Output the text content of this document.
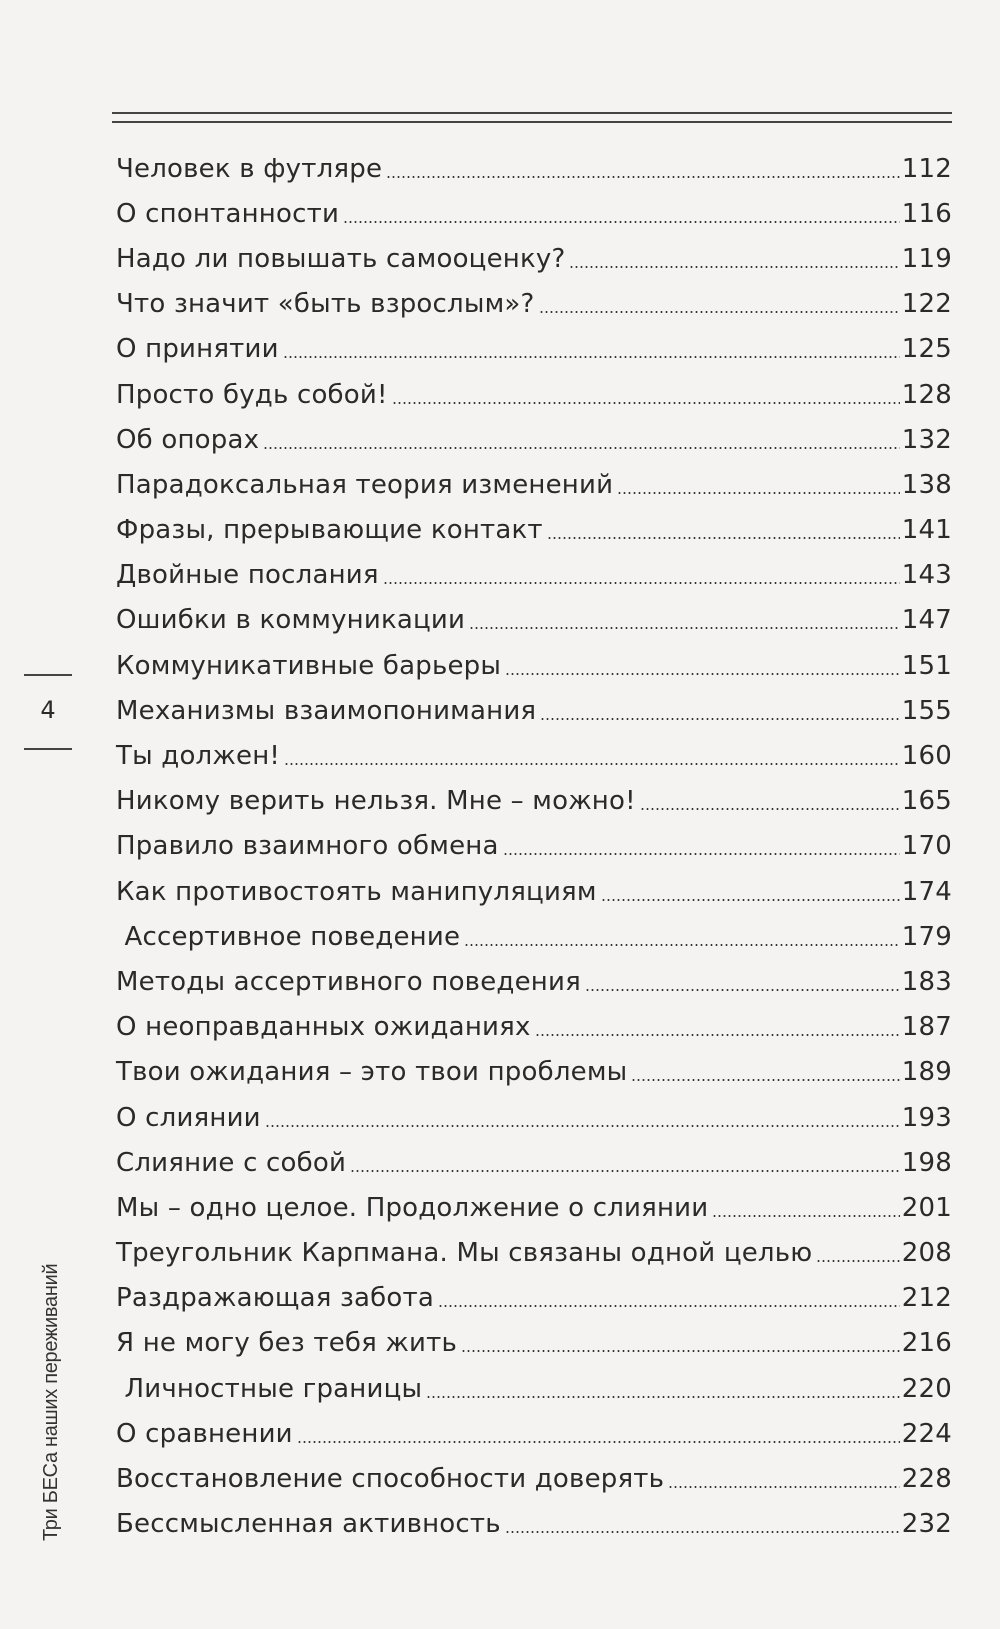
Человек в футляре	112
О спонтанности	116
Надо ли повышать самооценку?	119
Что значит «быть взрослым»?	122
О принятии	125
Просто будь собой!	128
Об опорах	132
Парадоксальная теория изменений	138
Фразы, прерывающие контакт	141
Двойные послания	143
Ошибки в коммуникации	147
Коммуникативные барьеры	151
Механизмы взаимопонимания	155
Ты должен!	160
Никому верить нельзя. Мне – можно!	165
Правило взаимного обмена	170
Как противостоять манипуляциям	174
Ассертивное поведение	179
Методы ассертивного поведения	183
О неоправданных ожиданиях	187
Твои ожидания – это твои проблемы	189
О слиянии	193
Слияние с собой	198
Мы – одно целое. Продолжение о слиянии	201
Треугольник Карпмана. Мы связаны одной целью	208
Раздражающая забота	212
Я не могу без тебя жить	216
Личностные границы	220
О сравнении	224
Восстановление способности доверять	228
Бессмысленная активность	232
4
Три БЕСа наших переживаний
